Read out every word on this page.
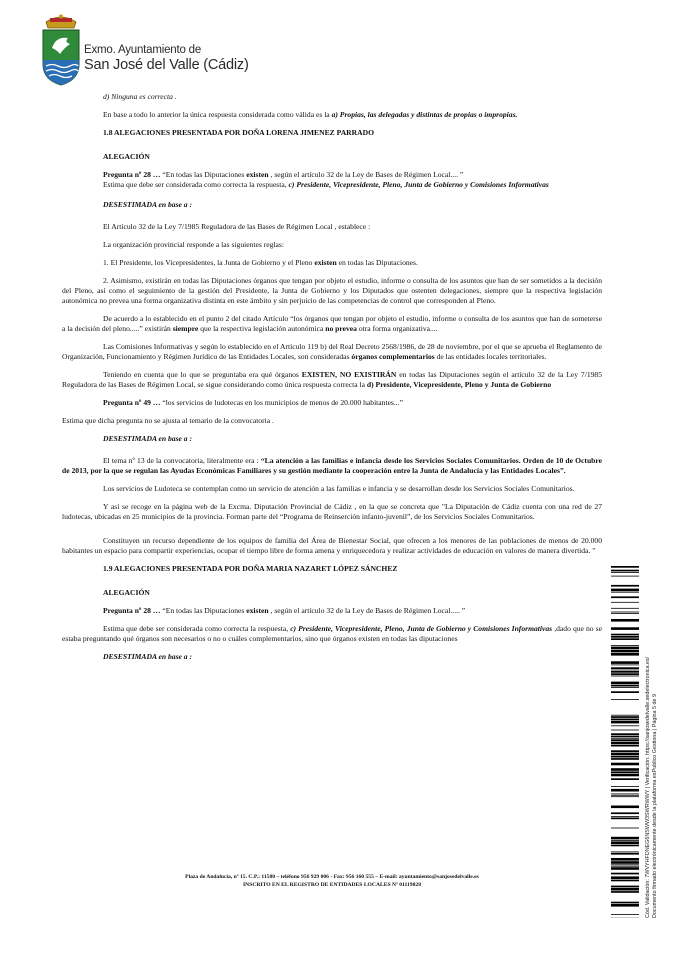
Exmo. Ayuntamiento de
San José del Valle (Cádiz)

d) Ninguna es correcta .

En base a todo lo anterior la única respuesta considerada como válida es la a) Propias, las delegadas y distintas de propias o impropias.

1.8 ALEGACIONES PRESENTADA POR DOÑA LORENA JIMENEZ PARRADO

ALEGACIÓN

Pregunta nº 28 … “En todas las Diputaciones existen , según el artículo 32 de la Ley de Bases de Régimen Local.... ”
Estima que debe ser considerada como correcta la respuesta, c) Presidente, Vicepresidente, Pleno, Junta de Gobierno y Comisiones Informativas

DESESTIMADA en base a :

El Artículo 32 de la Ley 7/1985 Reguladora de las Bases de Régimen Local , establece :

La organización provincial responde a las siguientes reglas:

1. El Presidente, los Vicepresidentes, la Junta de Gobierno y el Pleno existen en todas las Diputaciones.

2. Asimismo, existirán en todas las Diputaciones órganos que tengan por objeto el estudio, informe o consulta de los asuntos que han de ser sometidos a la decisión del Pleno, así como el seguimiento de la gestión del Presidente, la Junta de Gobierno y los Diputados que ostenten delegaciones, siempre que la respectiva legislación autonómica no prevea una forma organizativa distinta en este ámbito y sin perjuicio de las competencias de control que corresponden al Pleno.

De acuerdo a lo establecido en el punto 2 del citado Artículo “los órganos que tengan por objeto el estudio, informe o consulta de los asuntos que han de someterse a la decisión del pleno.....” existirán siempre que la respectiva legislación autonómica no prevea otra forma organizativa....

Las Comisiones Informativas y según lo establecido en el Artículo 119 b) del Real Decreto 2568/1986, de 28 de noviembre, por el que se aprueba el Reglamento de Organización, Funcionamiento y Régimen Jurídico de las Entidades Locales, son consideradas órganos complementarios de las entidades locales territoriales.

Teniendo en cuenta que lo que se preguntaba era qué órganos EXISTEN, NO EXISTIRÁN en todas las Diputaciones según el artículo 32 de la Ley 7/1985 Reguladora de las Bases de Régimen Local, se sigue considerando como única respuesta correcta la d) Presidente, Vicepresidente, Pleno y Junta de Gobierno

Pregunta nº 49 … “los servicios de ludotecas en los municipios de menos de 20.000 habitantes...”

Estima que dicha pregunta no se ajusta al temario de la convocatoria .

DESESTIMADA en base a :

El tema nº 13 de la convocatoria, literalmente era : “La atención a las familias e infancia desde los Servicios Sociales Comunitarios. Orden de 10 de Octubre de 2013, por la que se regulan las Ayudas Económicas Familiares y su gestión mediante la cooperación entre la Junta de Andalucía y las Entidades Locales”.

Los servicios de Ludoteca se contemplan como un servicio de atención a las familias e infancia y se desarrollan desde los Servicios Sociales Comunitarios.

Y así se recoge en la página web de la Excma. Diputación Provincial de Cádiz , en la que se concreta que "La Diputación de Cádiz cuenta con una red de 27 ludotecas, ubicadas en 25 municipios de la provincia. Forman parte del “Programa de Reinserción infanto-juvenil”, de los Servicios Sociales Comunitarios.

Constituyen un recurso dependiente de los equipos de familia del Área de Bienestar Social, que ofrecen a los menores de las poblaciones de menos de 20.000 habitantes un espacio para compartir experiencias, ocupar el tiempo libre de forma amena y enriquecedora y realizar actividades de educación en valores de manera divertida. "

1.9 ALEGACIONES PRESENTADA POR DOÑA MARIA NAZARET LÓPEZ SÁNCHEZ

ALEGACIÓN

Pregunta nº 28 … “En todas las Diputaciones existen , según el artículo 32 de la Ley de Bases de Régimen Local..... ”

Estima que debe ser considerada como correcta la respuesta, c) Presidente, Vicepresidente, Pleno, Junta de Gobierno y Comisiones Informativas ,dado que no se estaba preguntando qué órganos son necesarios o no o cuáles complementarios, sino que órganos existen en todas las diputaciones

DESESTIMADA en base a :

Plaza de Andalucía, nº 15. C.P.: 11580 – teléfono 956 929 006 - Fax: 956 160 555 – E-mail: ayuntamiento@sanjosedelvalle.es
INSCRITO EN EL REGISTRO DE ENTIDADES LOCALES Nº 01119028	Cód. Validación: 7WVYHFDNEG6NSWW3SWRWWY | Verificación: https://sanjosedelvalle.sedelectronica.es/ Documento firmado electrónicamente desde la plataforma esPublico Gestiona | Página 5 de 9
